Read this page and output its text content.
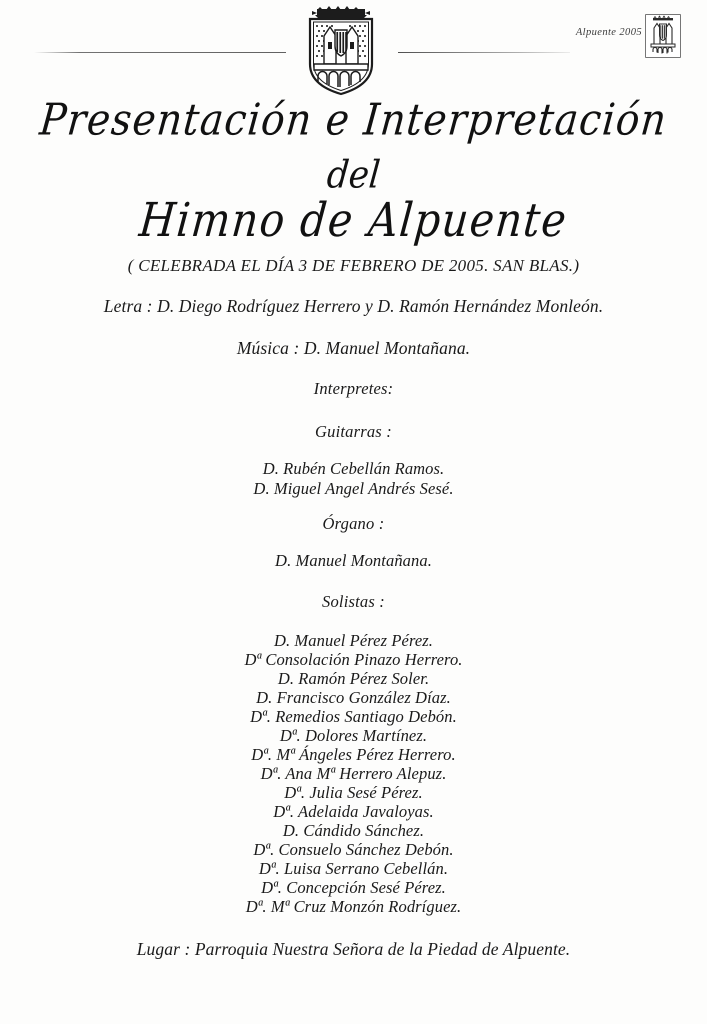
Alpuente 2005
Presentación e Interpretación
del
Himno de Alpuente
( CELEBRADA EL DÍA 3 DE FEBRERO DE 2005. SAN BLAS.)
Letra : D. Diego Rodríguez Herrero y D. Ramón Hernández Monleón.
Música : D. Manuel Montañana.
Interpretes:
Guitarras :
D. Rubén Cebellán Ramos.
D. Miguel Angel Andrés Sesé.
Órgano :
D. Manuel Montañana.
Solistas :
D. Manuel Pérez Pérez.
Dª Consolación Pinazo Herrero.
D. Ramón Pérez Soler.
D. Francisco González Díaz.
Dª. Remedios Santiago Debón.
Dª. Dolores Martínez.
Dª. Mª Ángeles Pérez Herrero.
Dª. Ana Mª Herrero Alepuz.
Dª. Julia Sesé Pérez.
Dª. Adelaida Javaloyas.
D. Cándido Sánchez.
Dª. Consuelo Sánchez Debón.
Dª. Luisa Serrano Cebellán.
Dª. Concepción Sesé Pérez.
Dª. Mª Cruz Monzón Rodríguez.
Lugar : Parroquia Nuestra Señora de la Piedad de Alpuente.
